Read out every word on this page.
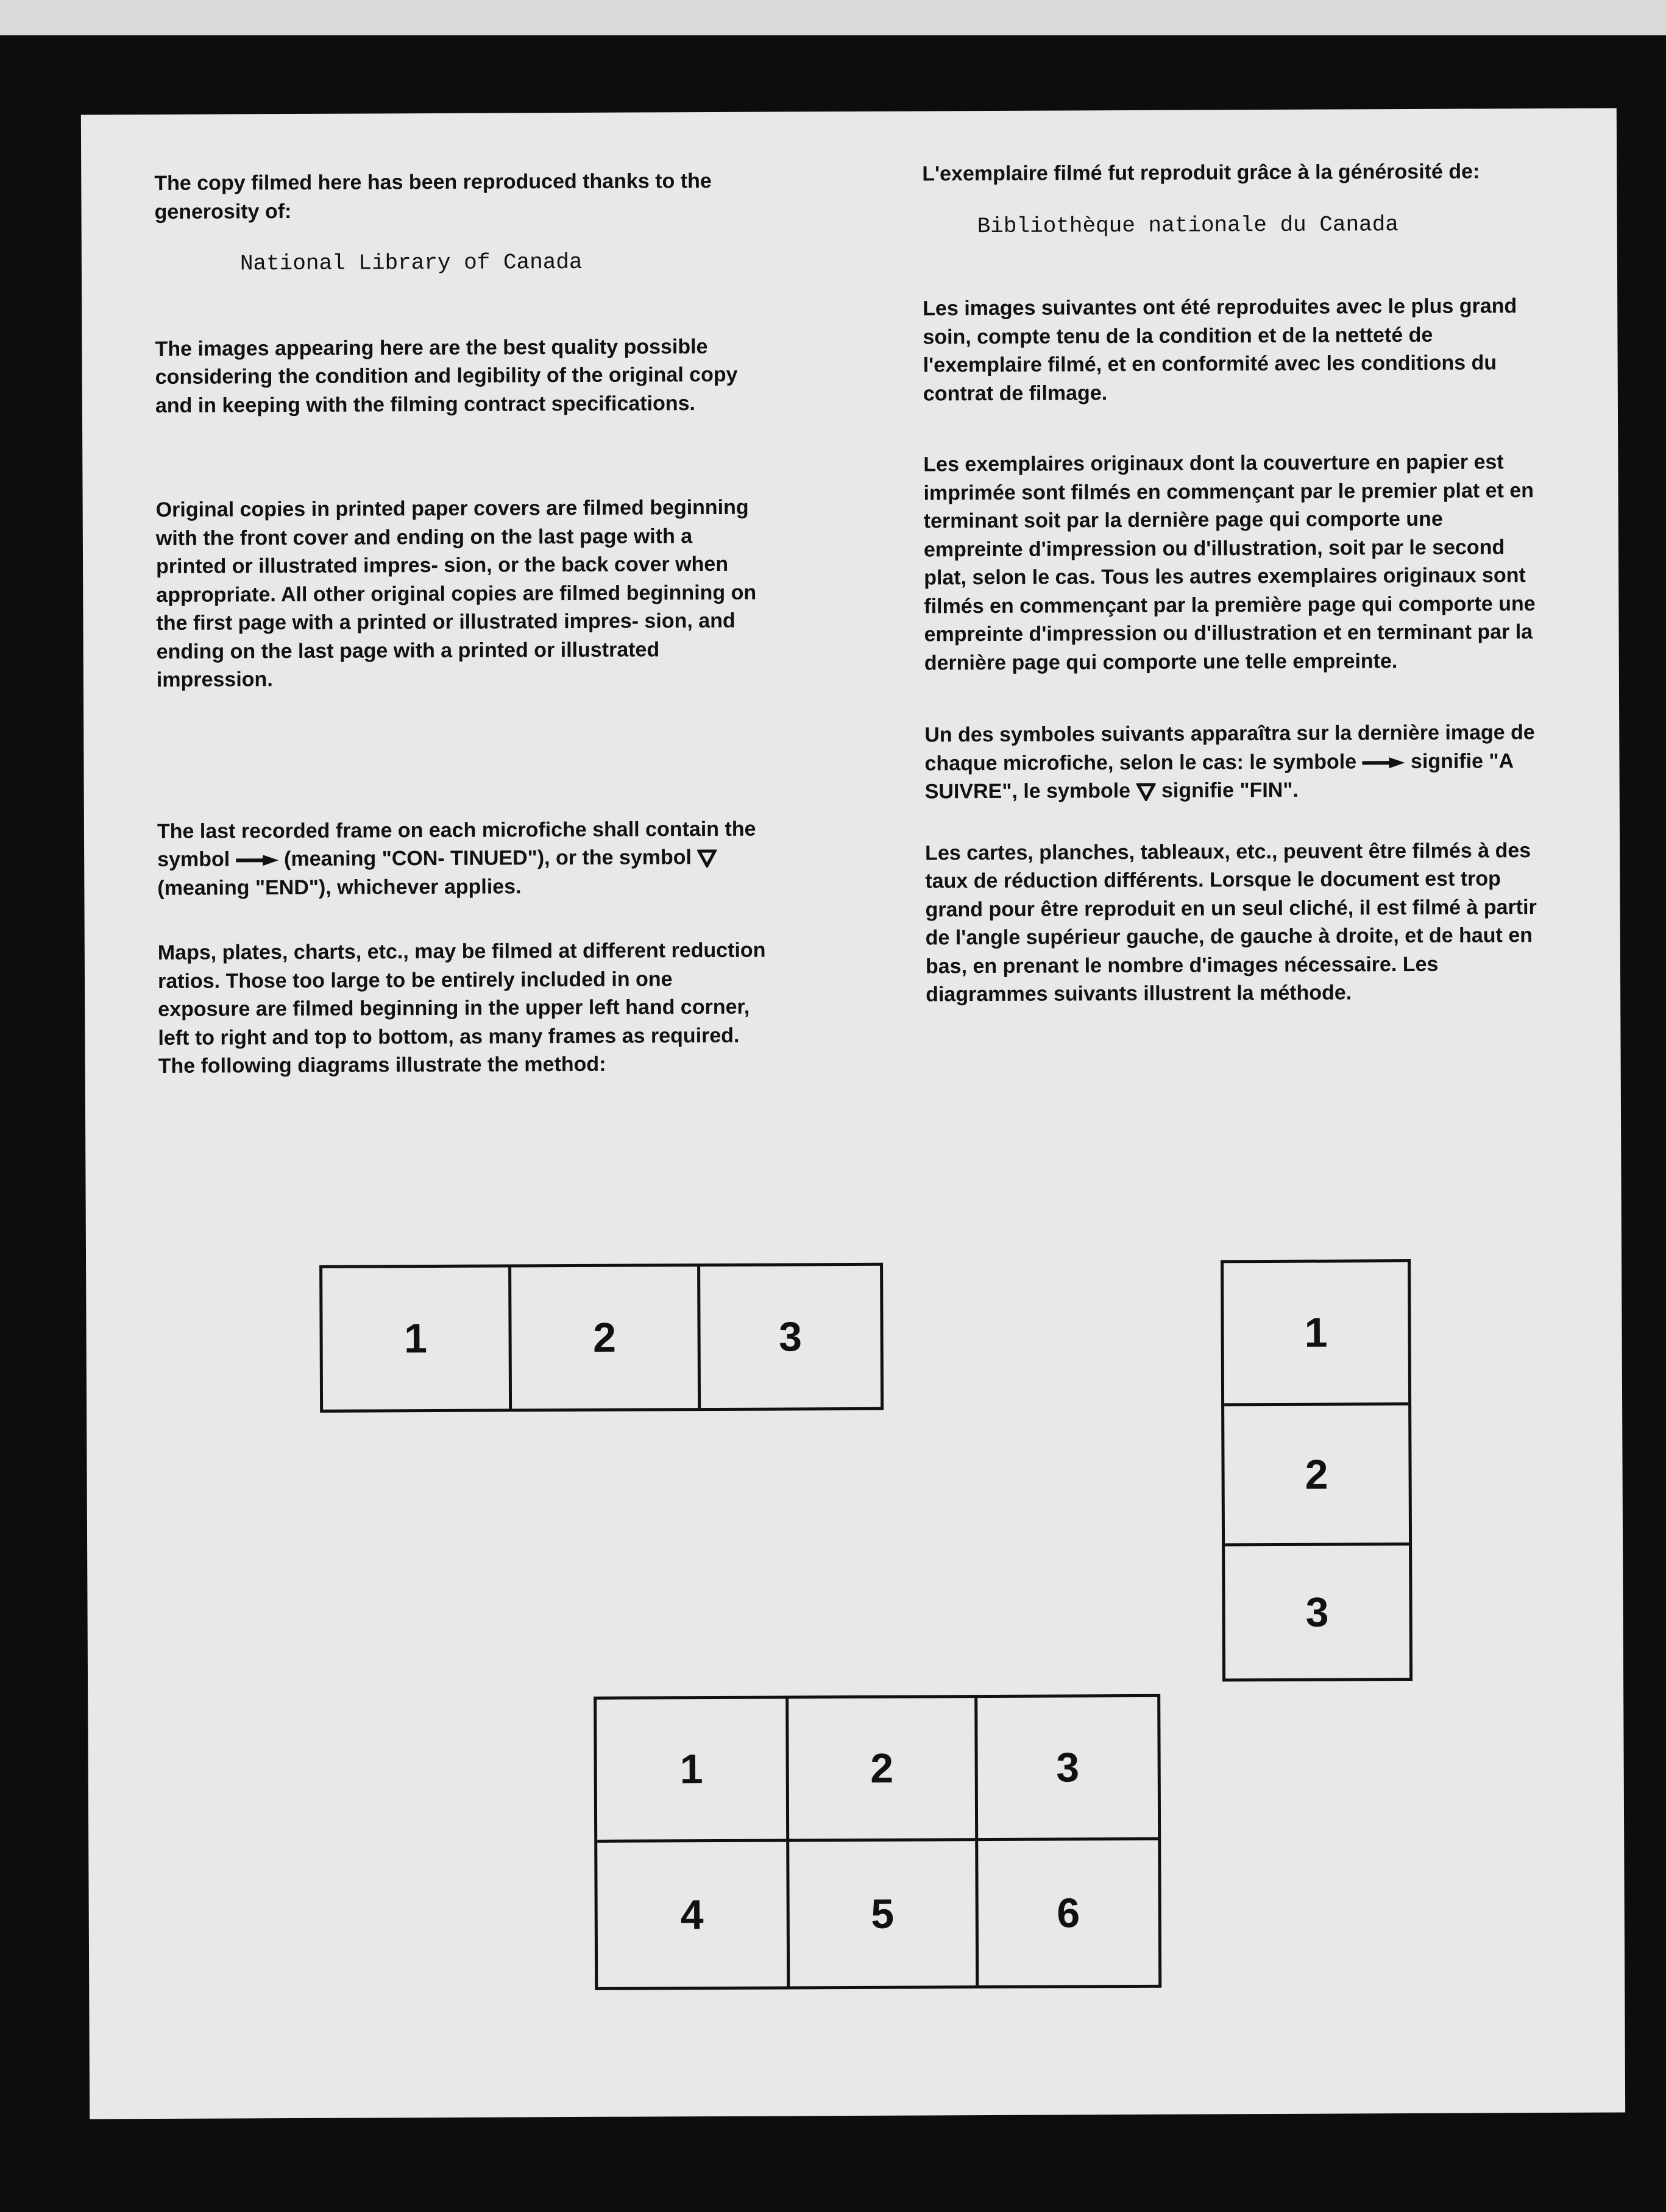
The copy filmed here has been reproduced thanks to the generosity of:

National Library of Canada

The images appearing here are the best quality possible considering the condition and legibility of the original copy and in keeping with the filming contract specifications.

Original copies in printed paper covers are filmed beginning with the front cover and ending on the last page with a printed or illustrated impres- sion, or the back cover when appropriate. All other original copies are filmed beginning on the first page with a printed or illustrated impres- sion, and ending on the last page with a printed or illustrated impression.

The last recorded frame on each microfiche shall contain the symbol	(meaning "CON- TINUED"), or the symbol  (meaning "END"), whichever applies.

Maps, plates, charts, etc., may be filmed at different reduction ratios. Those too large to be entirely included in one exposure are filmed beginning in the upper left hand corner, left to right and top to bottom, as many frames as required. The following diagrams illustrate the method:

L'exemplaire filmé fut reproduit grâce à la générosité de:

Bibliothèque nationale du Canada

Les images suivantes ont été reproduites avec le plus grand soin, compte tenu de la condition et de la netteté de l'exemplaire filmé, et en conformité avec les conditions du contrat de filmage.

Les exemplaires originaux dont la couverture en papier est imprimée sont filmés en commençant par le premier plat et en terminant soit par la dernière page qui comporte une empreinte d'impression ou d'illustration, soit par le second plat, selon le cas. Tous les autres exemplaires originaux sont filmés en commençant par la première page qui comporte une empreinte d'impression ou d'illustration et en terminant par la dernière page qui comporte une telle empreinte.

Un des symboles suivants apparaîtra sur la dernière image de chaque microfiche, selon le cas: le symbole	signifie "A SUIVRE", le symbole signifie "FIN".

Les cartes, planches, tableaux, etc., peuvent être filmés à des taux de réduction différents. Lorsque le document est trop grand pour être reproduit en un seul cliché, il est filmé à partir de l'angle supérieur gauche, de gauche à droite, et de haut en bas, en prenant le nombre d'images nécessaire. Les diagrammes suivants illustrent la méthode.

1	2	3	1
2
3
1	2	3
4	5	6
